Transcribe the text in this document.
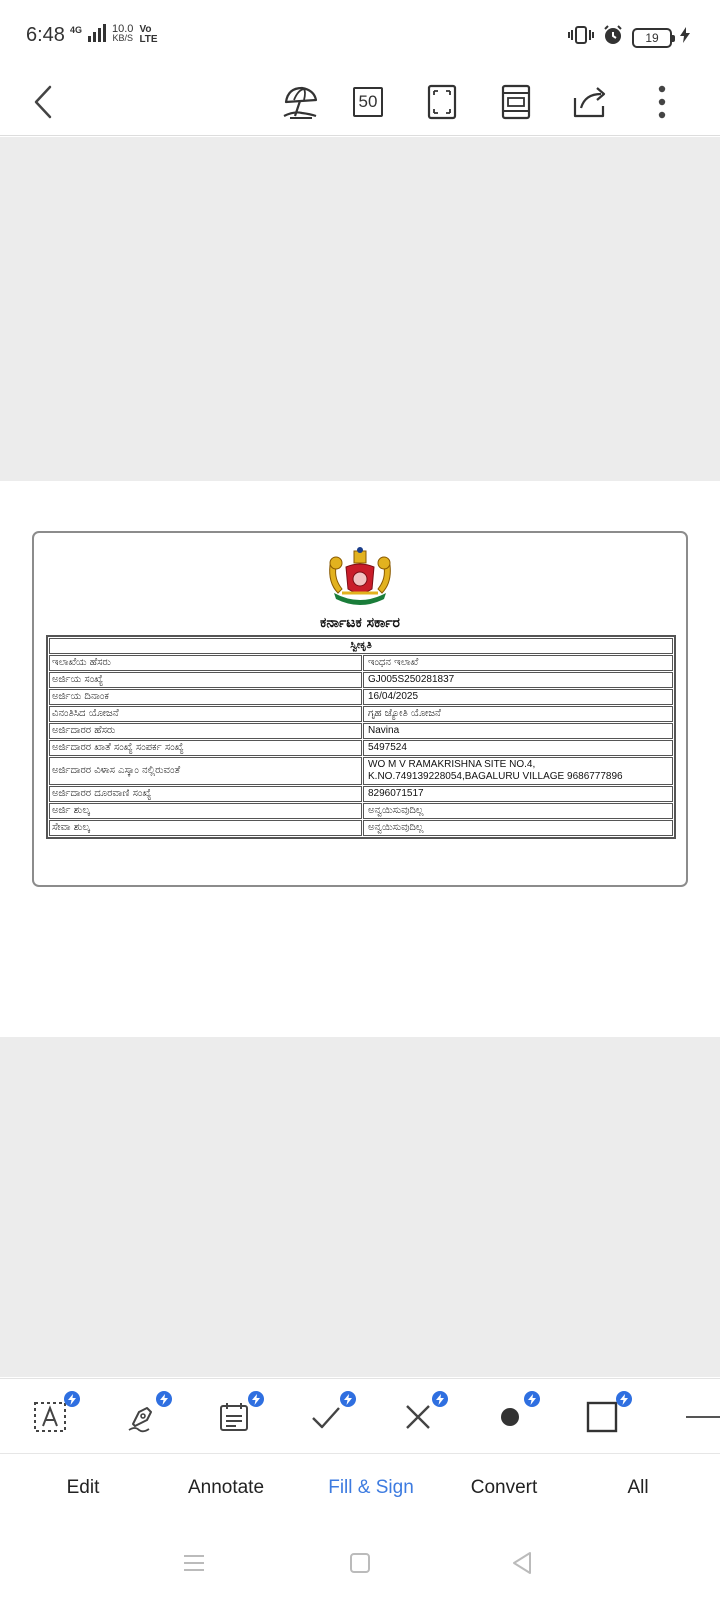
6:48 4G	10.0
KB/S
Vo
LTE	19
50
ಕರ್ನಾಟಕ ಸರ್ಕಾರ
ಸ್ವೀಕೃತಿ	
ಇಲಾಖೆಯ ಹೆಸರು	ಇಂಧನ ಇಲಾಖೆ
ಅರ್ಜಿಯ ಸಂಖ್ಯೆ	GJ005S250281837
ಅರ್ಜಿಯ ದಿನಾಂಕ	16/04/2025
ವಿನಂತಿಸಿದ ಯೋಜನೆ	ಗೃಹ ಜ್ಯೋತಿ ಯೋಜನೆ
ಅರ್ಜಿದಾರರ ಹೆಸರು	Navina
ಅರ್ಜಿದಾರರ ಖಾತೆ ಸಂಖ್ಯೆ ಸಂಪರ್ಕ ಸಂಖ್ಯೆ	5497524
ಅರ್ಜಿದಾರರ ವಿಳಾಸ ಎಸ್ಕಾಂ ನಲ್ಲಿರುವಂತೆ	WO M V RAMAKRISHNA SITE NO.4,
K.NO.749139228054,BAGALURU VILLAGE 9686777896

ಅರ್ಜಿದಾರರ ದೂರವಾಣಿ ಸಂಖ್ಯೆ	8296071517
ಅರ್ಜಿ ಶುಲ್ಕ	ಅನ್ವಯಿಸುವುದಿಲ್ಲ
ಸೇವಾ ಶುಲ್ಕ	ಅನ್ವಯಿಸುವುದಿಲ್ಲ
Edit	Annotate	Fill & Sign	Convert	All
